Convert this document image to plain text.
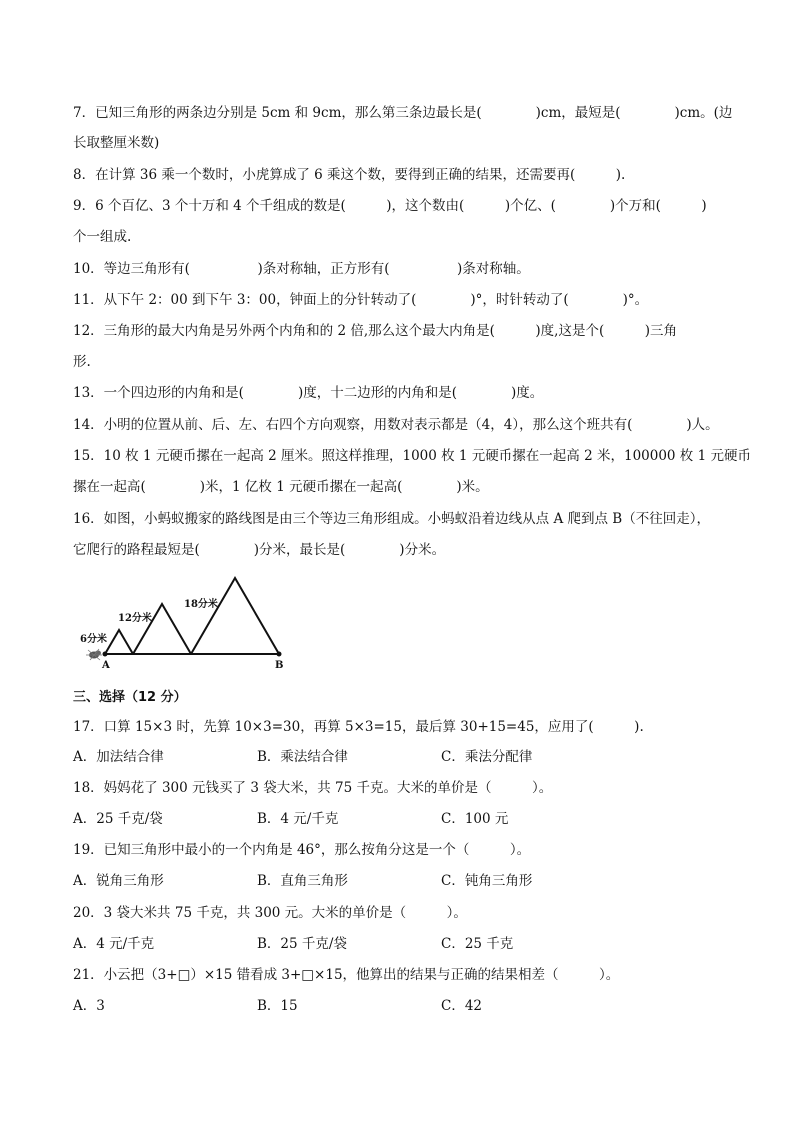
7．已知三角形的两条边分别是 5cm 和 9cm，那么第三条边最长是(　　　　)cm，最短是(　　　　)cm。(边
长取整厘米数)
8．在计算 36 乘一个数时，小虎算成了 6 乘这个数，要得到正确的结果，还需要再(　　　).
9．6 个百亿、3 个十万和 4 个千组成的数是(　　　)，这个数由(　　　)个亿、(　　　　)个万和(　　　)
个一组成.
10．等边三角形有(　　　　　)条对称轴，正方形有(　　　　　)条对称轴。
11．从下午 2：00 到下午 3：00，钟面上的分针转动了(　　　　)°，时针转动了(　　　　)°。
12．三角形的最大内角是另外两个内角和的 2 倍,那么这个最大内角是(　　　)度,这是个(　　　)三角
形.
13．一个四边形的内角和是(　　　　)度，十二边形的内角和是(　　　　)度。
14．小明的位置从前、后、左、右四个方向观察，用数对表示都是（4，4），那么这个班共有(　　　　)人。
15．10 枚 1 元硬币摞在一起高 2 厘米。照这样推理，1000 枚 1 元硬币摞在一起高 2 米，100000 枚 1 元硬币
摞在一起高(　　　　)米，1 亿枚 1 元硬币摞在一起高(　　　　)米。
16．如图，小蚂蚁搬家的路线图是由三个等边三角形组成。小蚂蚁沿着边线从点 A 爬到点 B（不往回走），
它爬行的路程最短是(　　　　)分米，最长是(　　　　)分米。
6分米
12分米
18分米
A	B
三、选择（12 分）
17．口算 15×3 时，先算 10×3=30，再算 5×3=15，最后算 30+15=45，应用了(　　　).
A．加法结合律	B．乘法结合律	C．乘法分配律
18．妈妈花了 300 元钱买了 3 袋大米，共 75 千克。大米的单价是（　　　）。
A．25 千克/袋	B．4 元/千克	C．100 元
19．已知三角形中最小的一个内角是 46°，那么按角分这是一个（　　　）。
A．锐角三角形	B．直角三角形	C．钝角三角形
20．3 袋大米共 75 千克，共 300 元。大米的单价是（　　　）。
A．4 元/千克	B．25 千克/袋	C．25 千克
21．小云把（3+□）×15 错看成 3+□×15，他算出的结果与正确的结果相差（　　　）。
A．3	B．15	C．42
